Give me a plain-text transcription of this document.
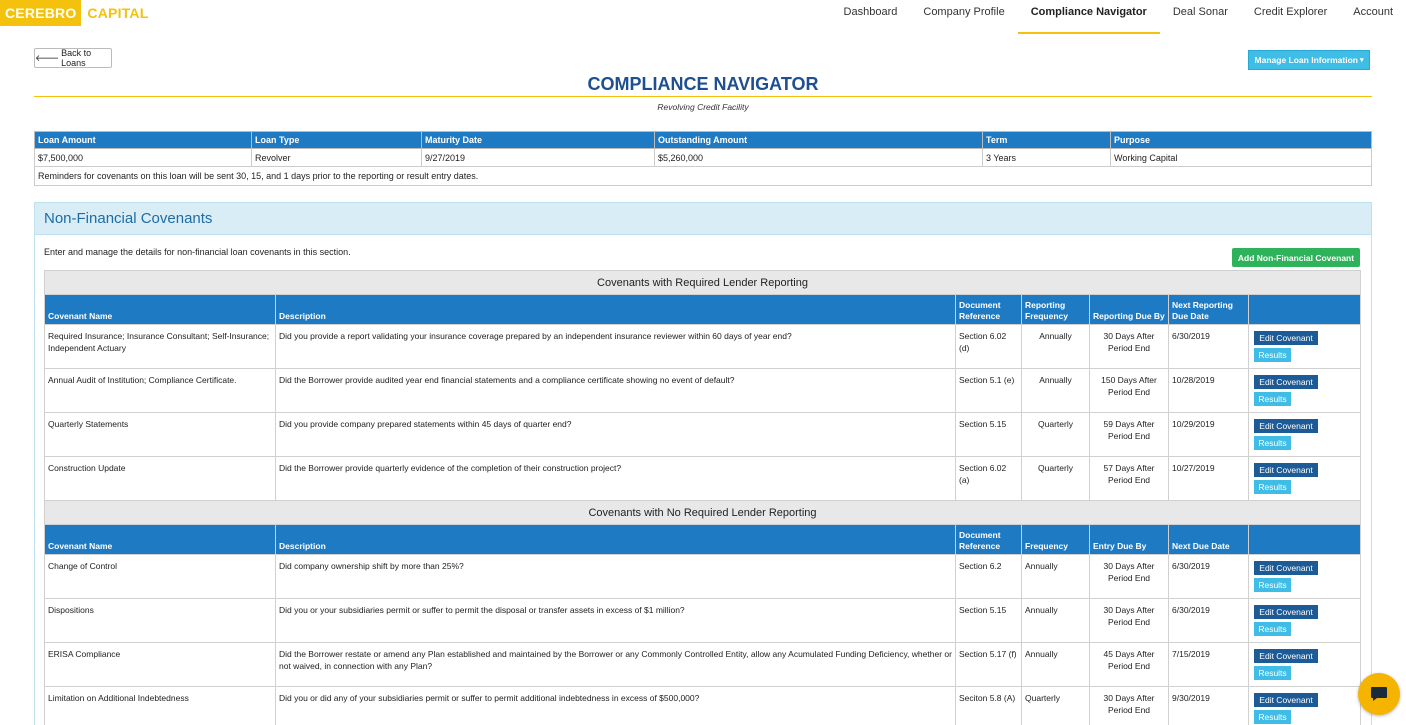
CEREBRO CAPITAL	Dashboard	Company Profile	Compliance Navigator	Deal Sonar	Credit Explorer	Account
🡐 Back to Loans	Manage Loan Information ▾
COMPLIANCE NAVIGATOR
Revolving Credit Facility
Loan Amount	Loan Type	Maturity Date	Outstanding Amount	Term	Purpose
$7,500,000	Revolver	9/27/2019	$5,260,000	3 Years	Working Capital
Reminders for covenants on this loan will be sent 30, 15, and 1 days prior to the reporting or result entry dates.					
Non-Financial Covenants
Enter and manage the details for non-financial loan covenants in this section.
Add Non-Financial Covenant
Covenants with Required Lender Reporting						
Covenant Name	Description	Document Reference	Reporting Frequency	Reporting Due By	Next Reporting Due Date	
Required Insurance; Insurance Consultant; Self-Insurance; Independent Actuary	Did you provide a report validating your insurance coverage prepared by an independent insurance reviewer within 60 days of year end?	Section 6.02 (d)	Annually	30 Days After Period End	6/30/2019	Edit Covenant
Results

Annual Audit of Institution; Compliance Certificate.	Did the Borrower provide audited year end financial statements and a compliance certificate showing no event of default?	Section 5.1 (e)	Annually	150 Days After Period End	10/28/2019	Edit Covenant
Results

Quarterly Statements	Did you provide company prepared statements within 45 days of quarter end?	Section 5.15	Quarterly	59 Days After Period End	10/29/2019	Edit Covenant
Results

Construction Update	Did the Borrower provide quarterly evidence of the completion of their construction project?	Section 6.02 (a)	Quarterly	57 Days After Period End	10/27/2019	Edit Covenant
Results

Covenants with No Required Lender Reporting						
Covenant Name	Description	Document Reference	Frequency	Entry Due By	Next Due Date	
Change of Control	Did company ownership shift by more than 25%?	Section 6.2	Annually	30 Days After Period End	6/30/2019	Edit Covenant
Results

Dispositions	Did you or your subsidiaries permit or suffer to permit the disposal or transfer assets in excess of $1 million?	Section 5.15	Annually	30 Days After Period End	6/30/2019	Edit Covenant
Results

ERISA Compliance	Did the Borrower restate or amend any Plan established and maintained by the Borrower or any Commonly Controlled Entity, allow any Acumulated Funding Deficiency, whether or not waived, in connection with any Plan?	Section 5.17 (f)	Annually	45 Days After Period End	7/15/2019	Edit Covenant
Results

Limitation on Additional Indebtedness	Did you or did any of your subsidiaries permit or suffer to permit additional indebtedness in excess of $500,000?	Seciton 5.8 (A)	Quarterly	30 Days After Period End	9/30/2019	Edit Covenant
Results
